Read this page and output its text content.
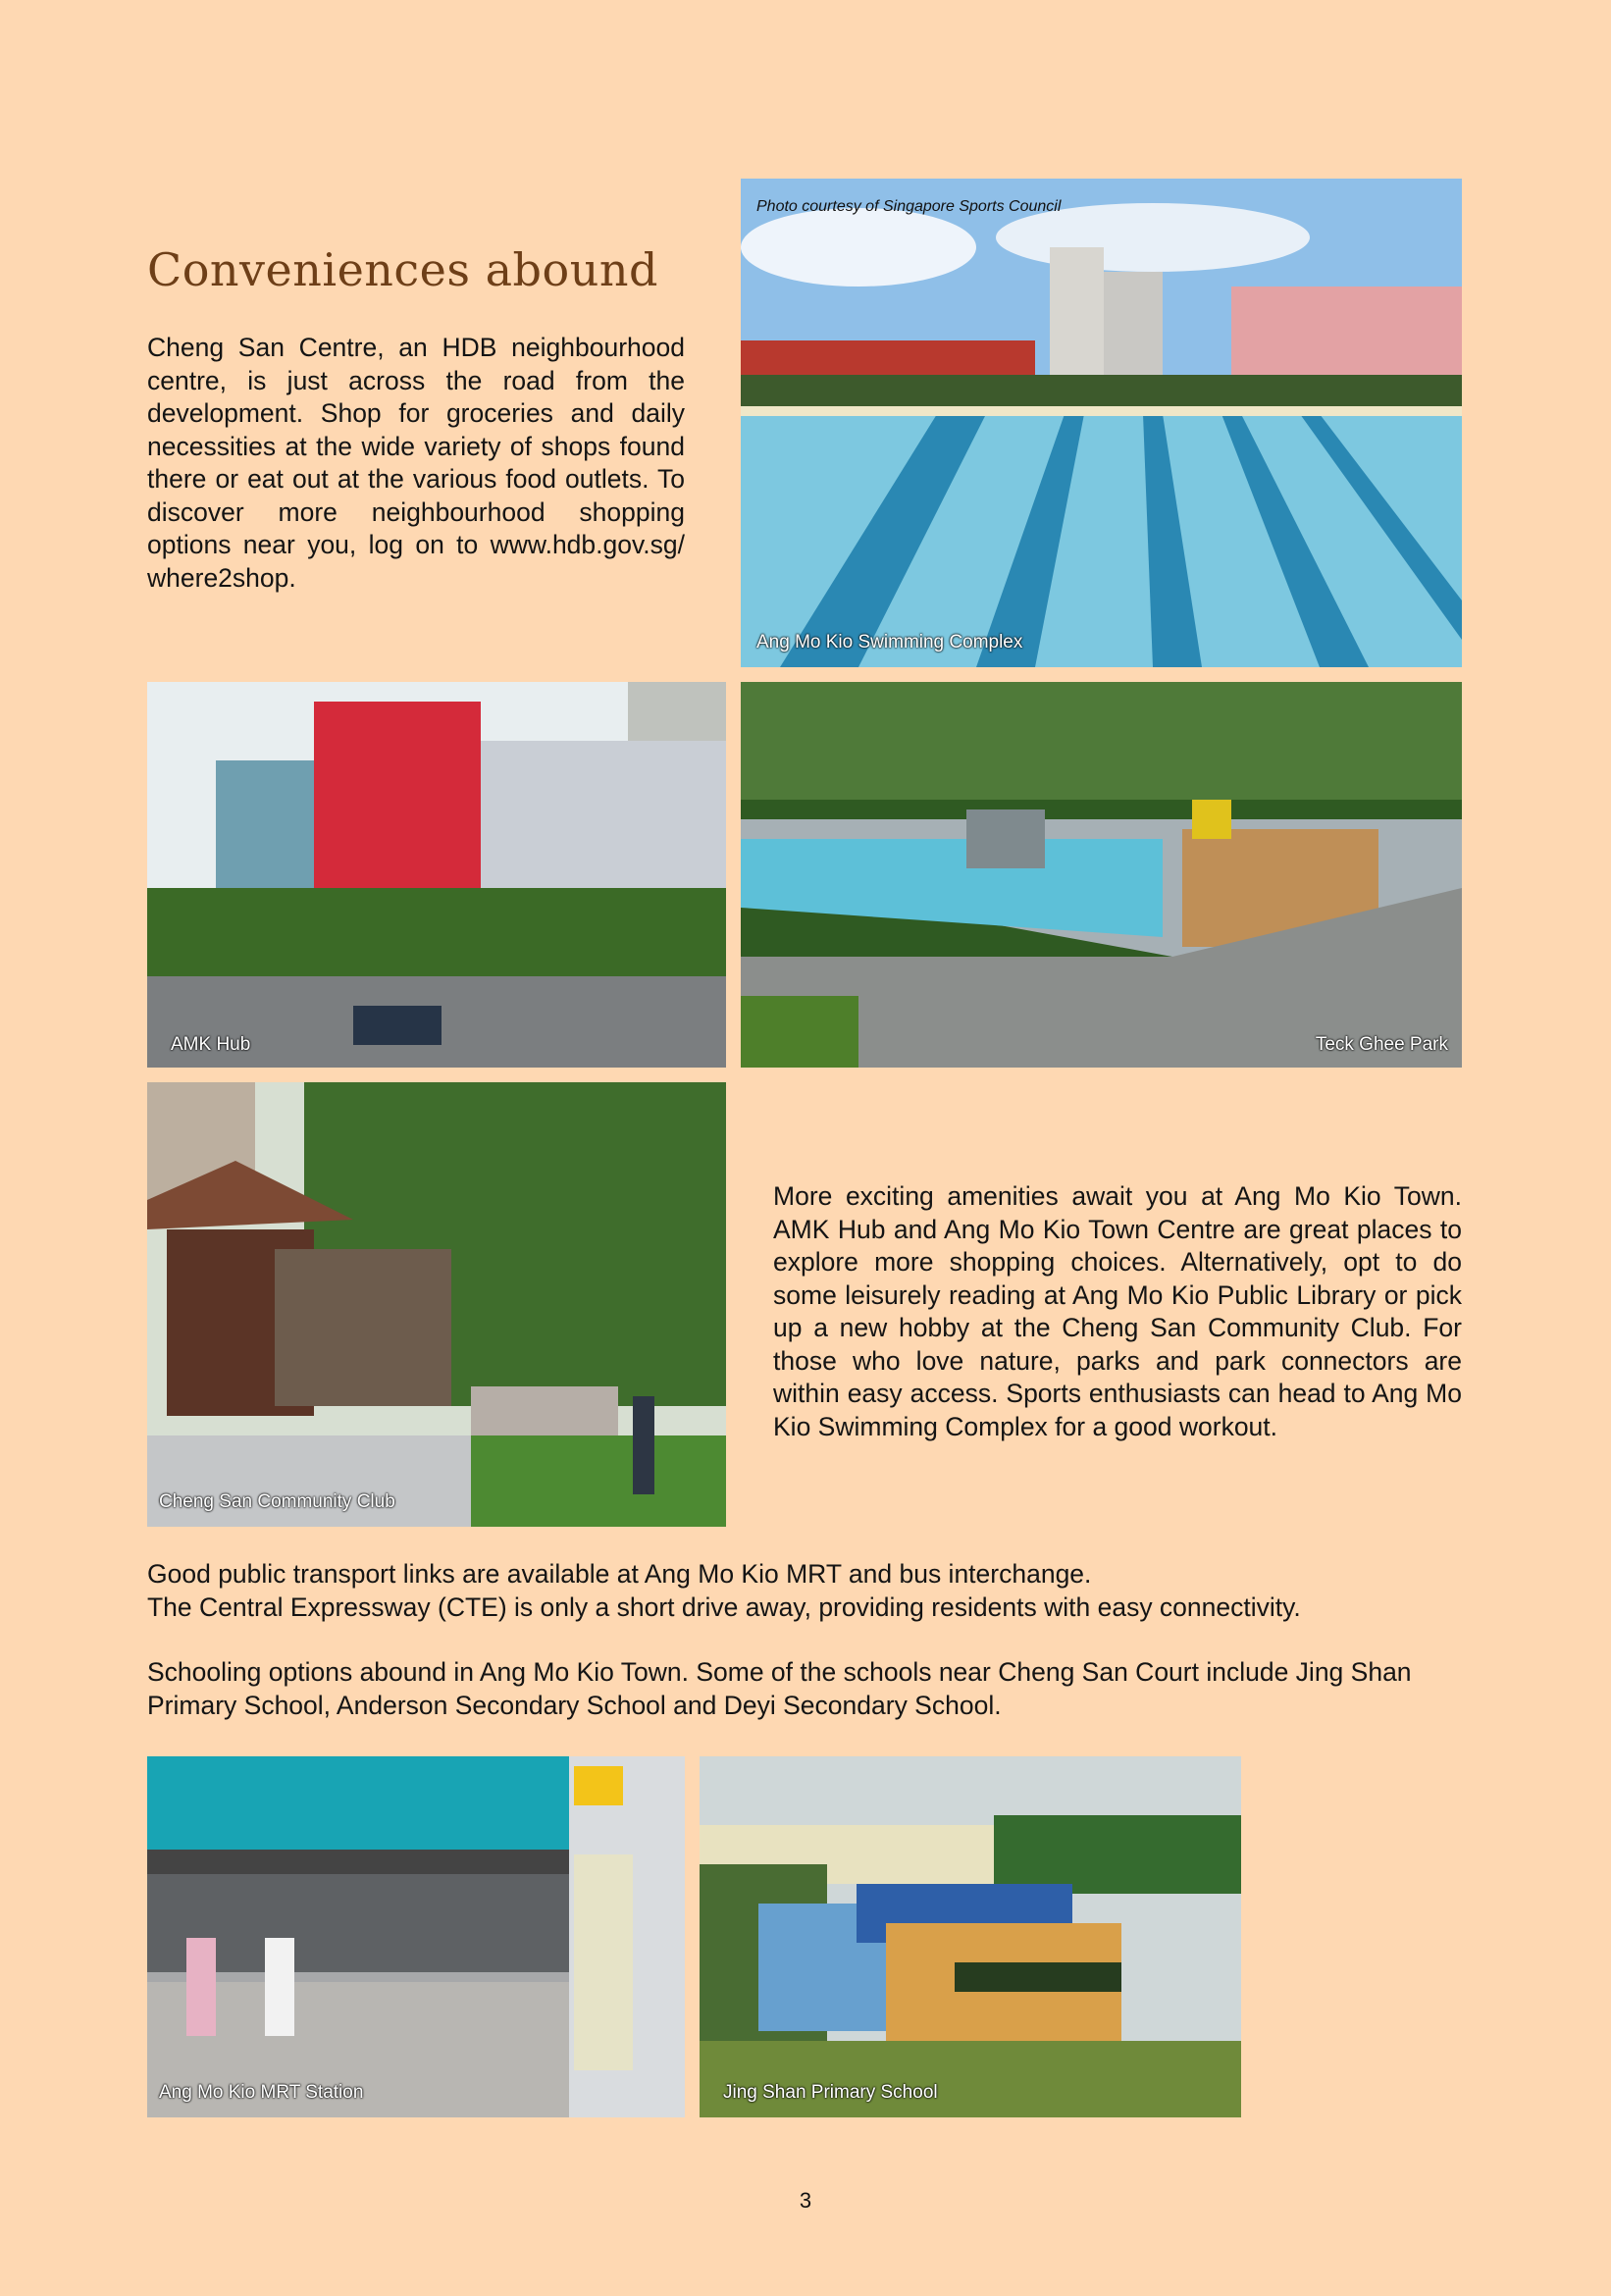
Conveniences abound
Cheng San Centre, an HDB neighbourhood centre, is just across the road from the development. Shop for groceries and daily necessities at the wide variety of shops found there or eat out at the various food outlets. To discover more neighbourhood shopping options near you, log on to www.hdb.gov.sg/ where2shop.
Photo courtesy of Singapore Sports Council
Ang Mo Kio Swimming Complex
AMK Hub	Teck Ghee Park
Cheng San Community Club
More exciting amenities await you at Ang Mo Kio Town. AMK Hub and Ang Mo Kio Town Centre are great places to explore more shopping choices. Alternatively, opt to do some leisurely reading at Ang Mo Kio Public Library or pick up a new hobby at the Cheng San Community Club. For those who love nature, parks and park connectors are within easy access. Sports enthusiasts can head to Ang Mo Kio Swimming Complex for a good workout.
Good public transport links are available at Ang Mo Kio MRT and bus interchange.
The Central Expressway (CTE) is only a short drive away, providing residents with easy connectivity.
Schooling options abound in Ang Mo Kio Town. Some of the schools near Cheng San Court include Jing Shan Primary School, Anderson Secondary School and Deyi Secondary School.
Ang Mo Kio MRT Station	Jing Shan Primary School
3
